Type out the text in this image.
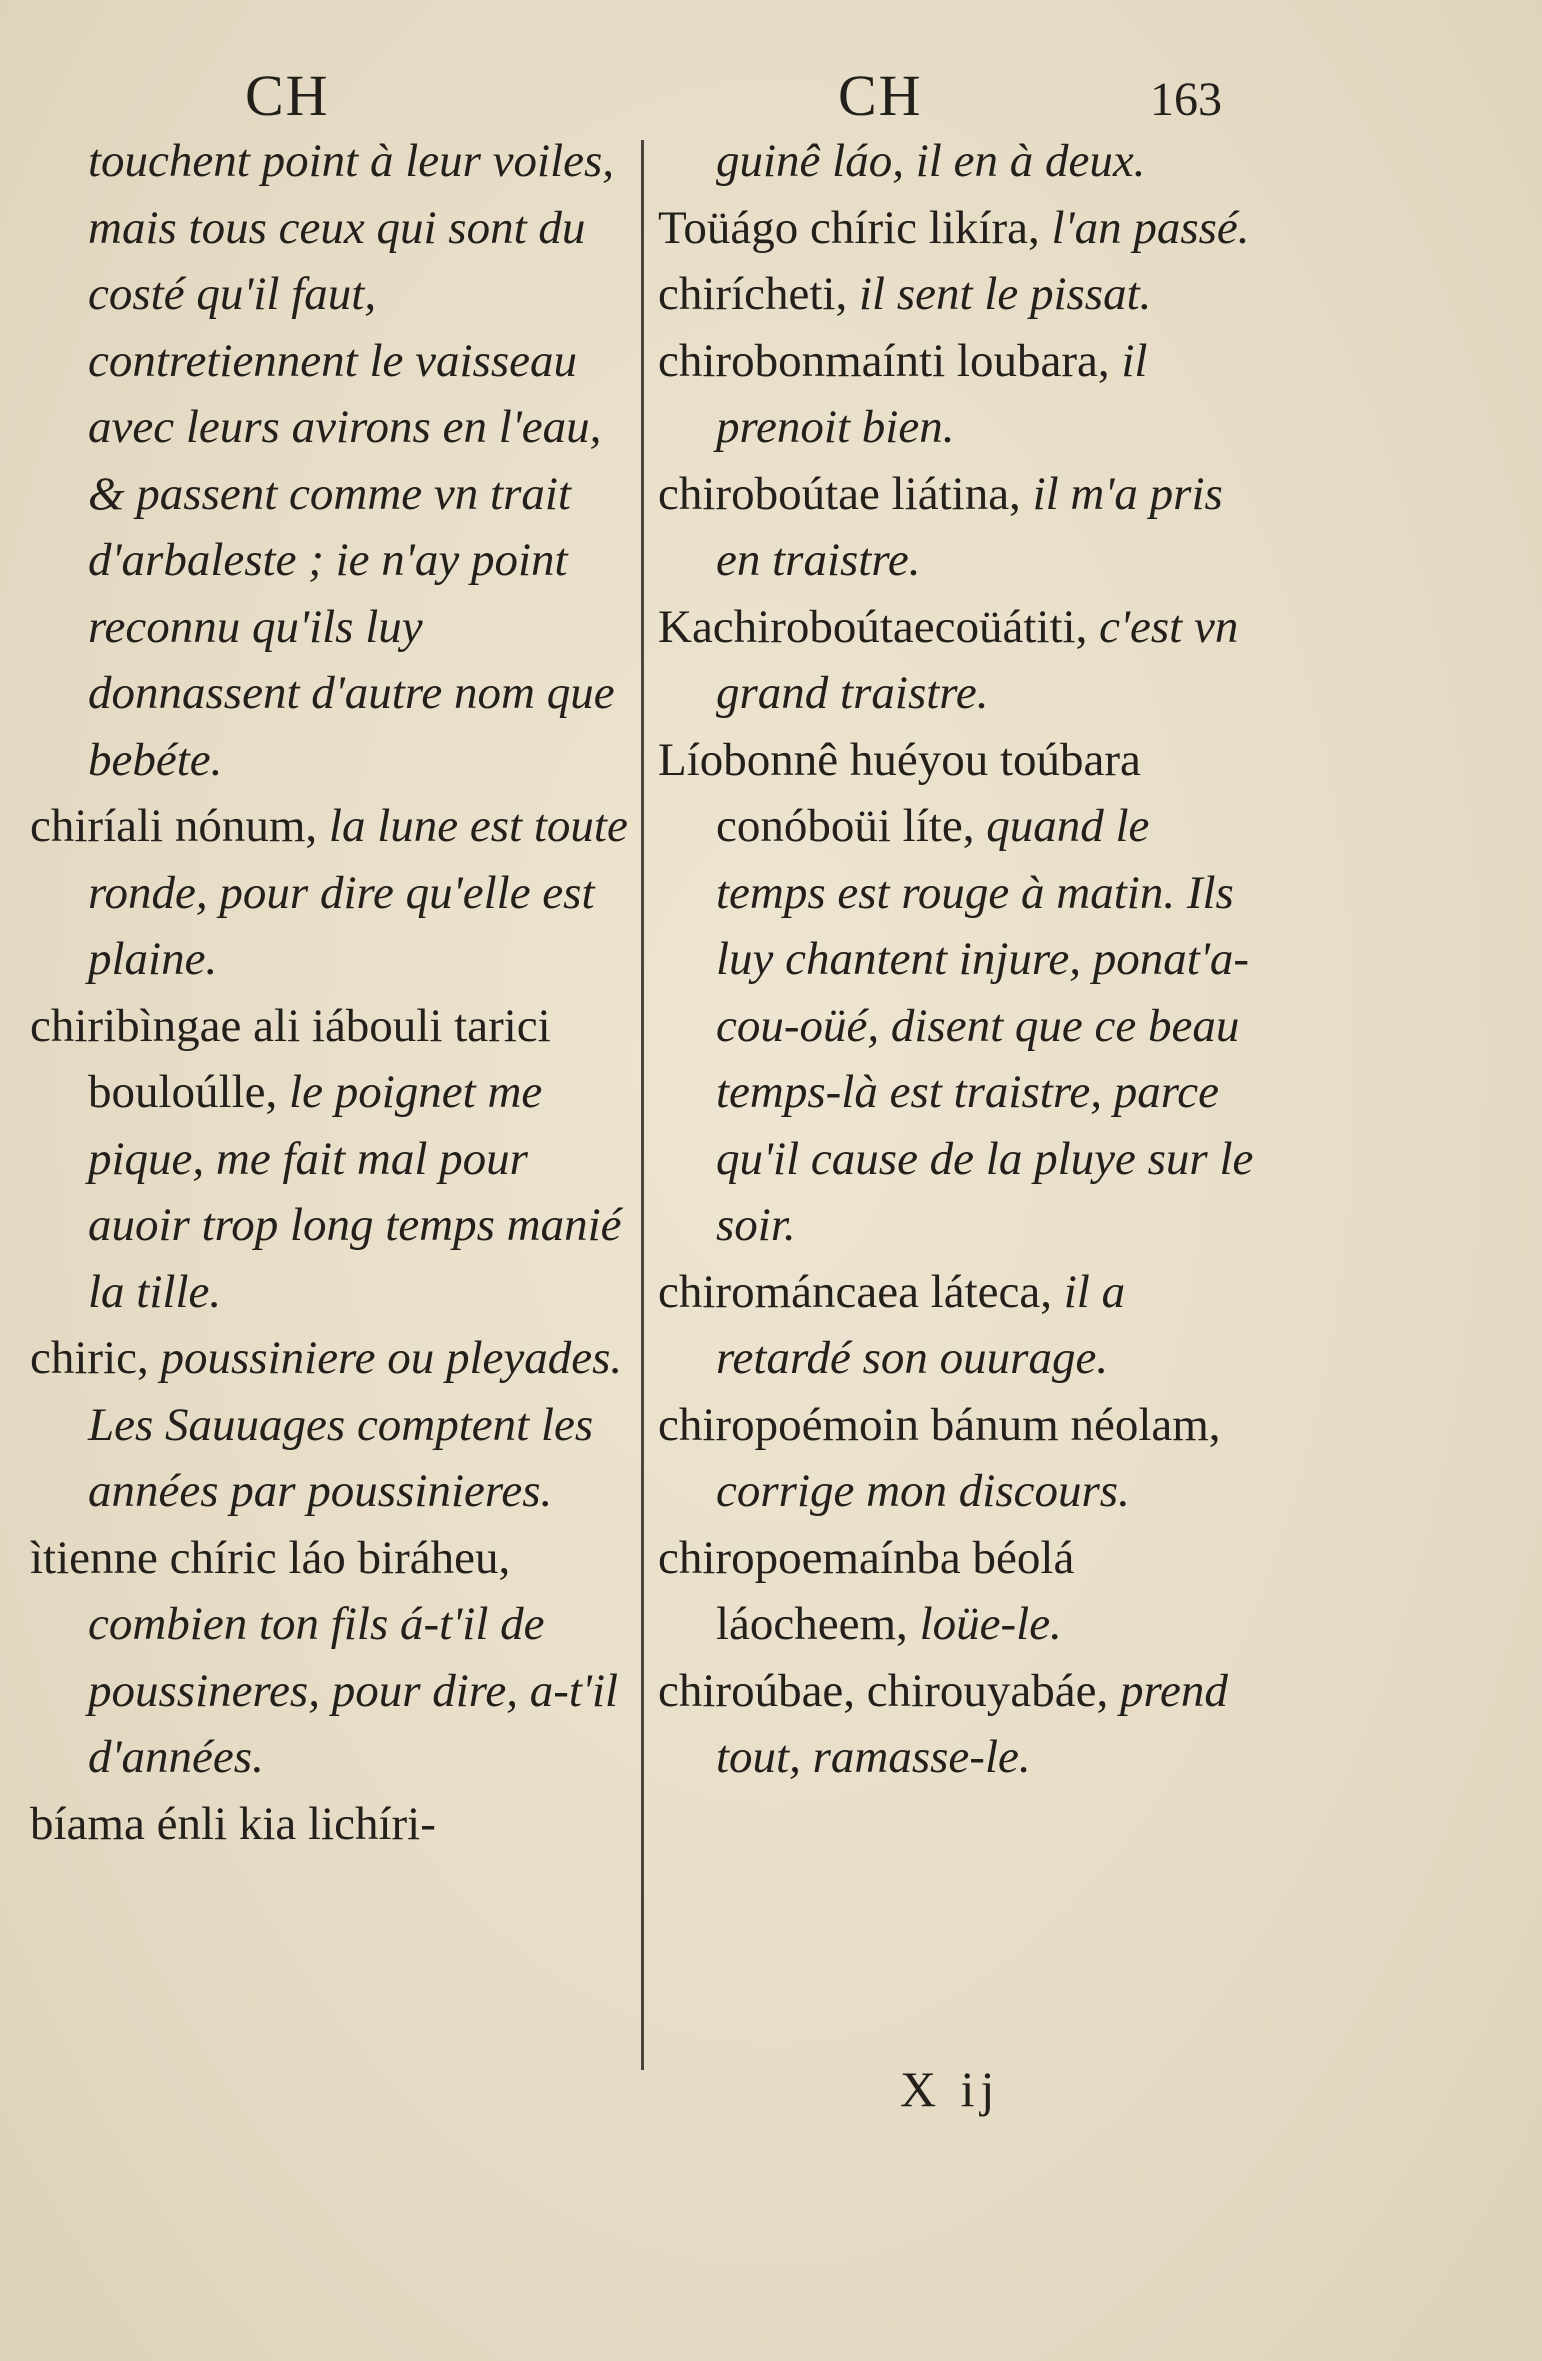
CH	CH	163

touchent point à leur voiles, mais tous ceux qui sont du costé qu'il faut, contretiennent le vaisseau avec leurs avirons en l'eau, & passent comme vn trait d'arbaleste ; ie n'ay point reconnu qu'ils luy donnassent d'autre nom que bebéte.

chiríali nónum, la lune est toute ronde, pour dire qu'elle est plaine.

chiribìngae ali iábouli tarici bouloúlle, le poignet me pique, me fait mal pour auoir trop long temps manié la tille.

chiric, poussiniere ou pleyades. Les Sauuages comptent les années par poussinieres.

ìtienne chíric láo biráheu, combien ton fils á-t'il de poussineres, pour dire, a-t'il d'années.

bíama énli kia lichíri-

guinê láo, il en à deux.

Toüágo chíric likíra, l'an passé.

chirícheti, il sent le pissat.

chirobonmaínti loubara, il prenoit bien.

chiroboútae liátina, il m'a pris en traistre.

Kachiroboútaecoüátiti, c'est vn grand traistre.

Líobonnê huéyou toúbara conóboüi líte, quand le temps est rouge à matin. Ils luy chantent injure, ponat'a-cou-oüé, disent que ce beau temps-là est traistre, parce qu'il cause de la pluye sur le soir.

chirománcaea láteca, il a retardé son ouurage.

chiropoémoin bánum néolam, corrige mon discours.

chiropoemaínba béolá láocheem, loüe-le.

chiroúbae, chirouyabáe, prend tout, ramasse-le.

X ij
